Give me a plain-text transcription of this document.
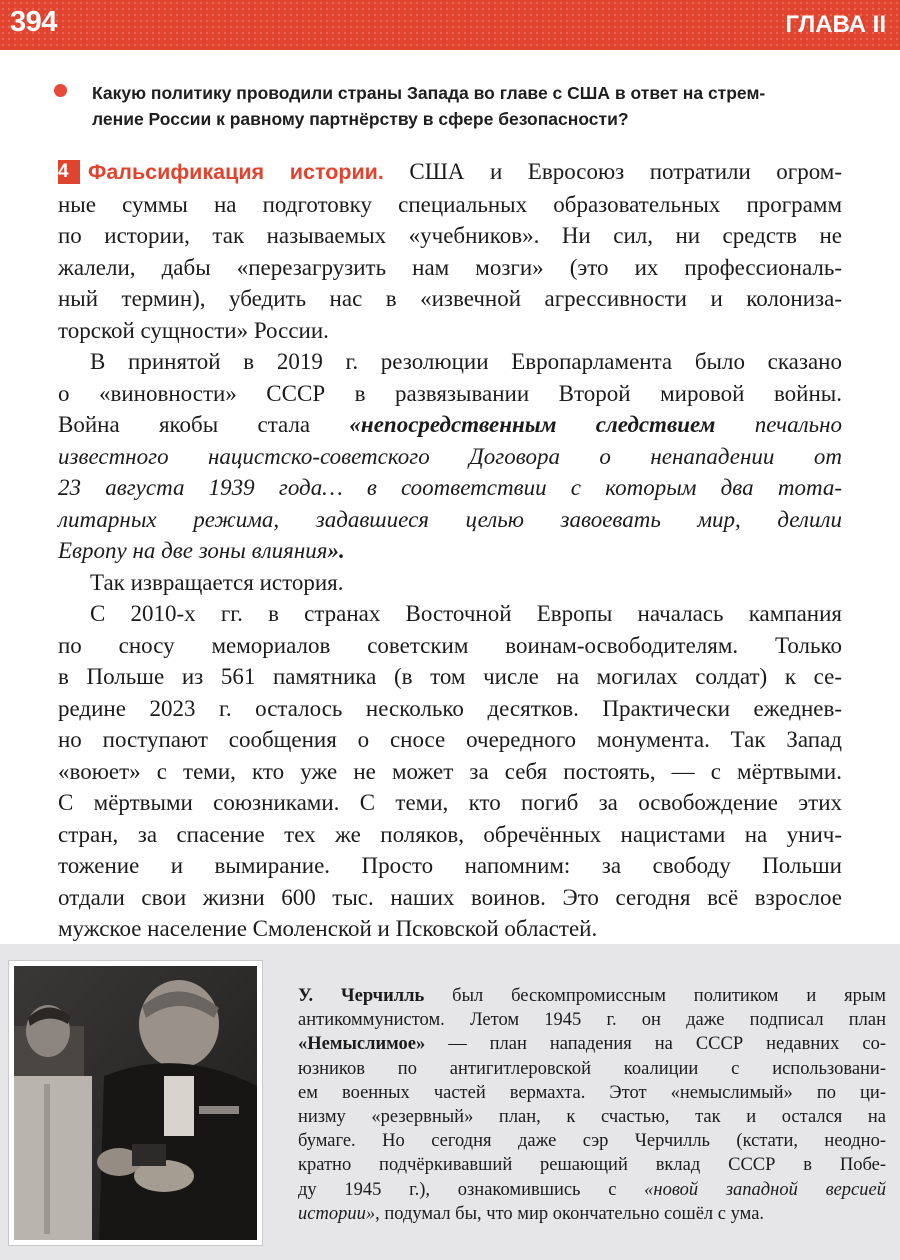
394	ГЛАВА II
Какую политику проводили страны Запада во главе с США в ответ на стрем-
ление России к равному партнёрству в сфере безопасности?
4 Фальсификация истории. США и Евросоюз потратили огром-
ные суммы на подготовку специальных образовательных программ
по истории, так называемых «учебников». Ни сил, ни средств не
жалели, дабы «перезагрузить нам мозги» (это их профессиональ-
ный термин), убедить нас в «извечной агрессивности и колониза-
торской сущности» России.
В принятой в 2019 г. резолюции Европарламента было сказано
о «виновности» СССР в развязывании Второй мировой войны.
Война якобы стала «непосредственным следствием печально
известного нацистско-советского Договора о ненападении от
23 августа 1939 года… в соответствии с которым два тота-
литарных режима, задавшиеся целью завоевать мир, делили
Европу на две зоны влияния».
Так извращается история.
С 2010-х гг. в странах Восточной Европы началась кампания
по сносу мемориалов советским воинам-освободителям. Только
в Польше из 561 памятника (в том числе на могилах солдат) к се-
редине 2023 г. осталось несколько десятков. Практически ежеднев-
но поступают сообщения о сносе очередного монумента. Так Запад
«воюет» с теми, кто уже не может за себя постоять, — с мёртвыми.
С мёртвыми союзниками. С теми, кто погиб за освобождение этих
стран, за спасение тех же поляков, обречённых нацистами на унич-
тожение и вымирание. Просто напомним: за свободу Польши
отдали свои жизни 600 тыс. наших воинов. Это сегодня всё взрослое
мужское население Смоленской и Псковской областей.
У. Черчилль был бескомпромиссным политиком и ярым
антикоммунистом. Летом 1945 г. он даже подписал план
«Немыслимое» — план нападения на СССР недавних со-
юзников по антигитлеровской коалиции с использовани-
ем военных частей вермахта. Этот «немыслимый» по ци-
низму «резервный» план, к счастью, так и остался на
бумаге. Но сегодня даже сэр Черчилль (кстати, неодно-
кратно подчёркивавший решающий вклад СССР в Побе-
ду 1945 г.), ознакомившись с «новой западной версией
истории», подумал бы, что мир окончательно сошёл с ума.
